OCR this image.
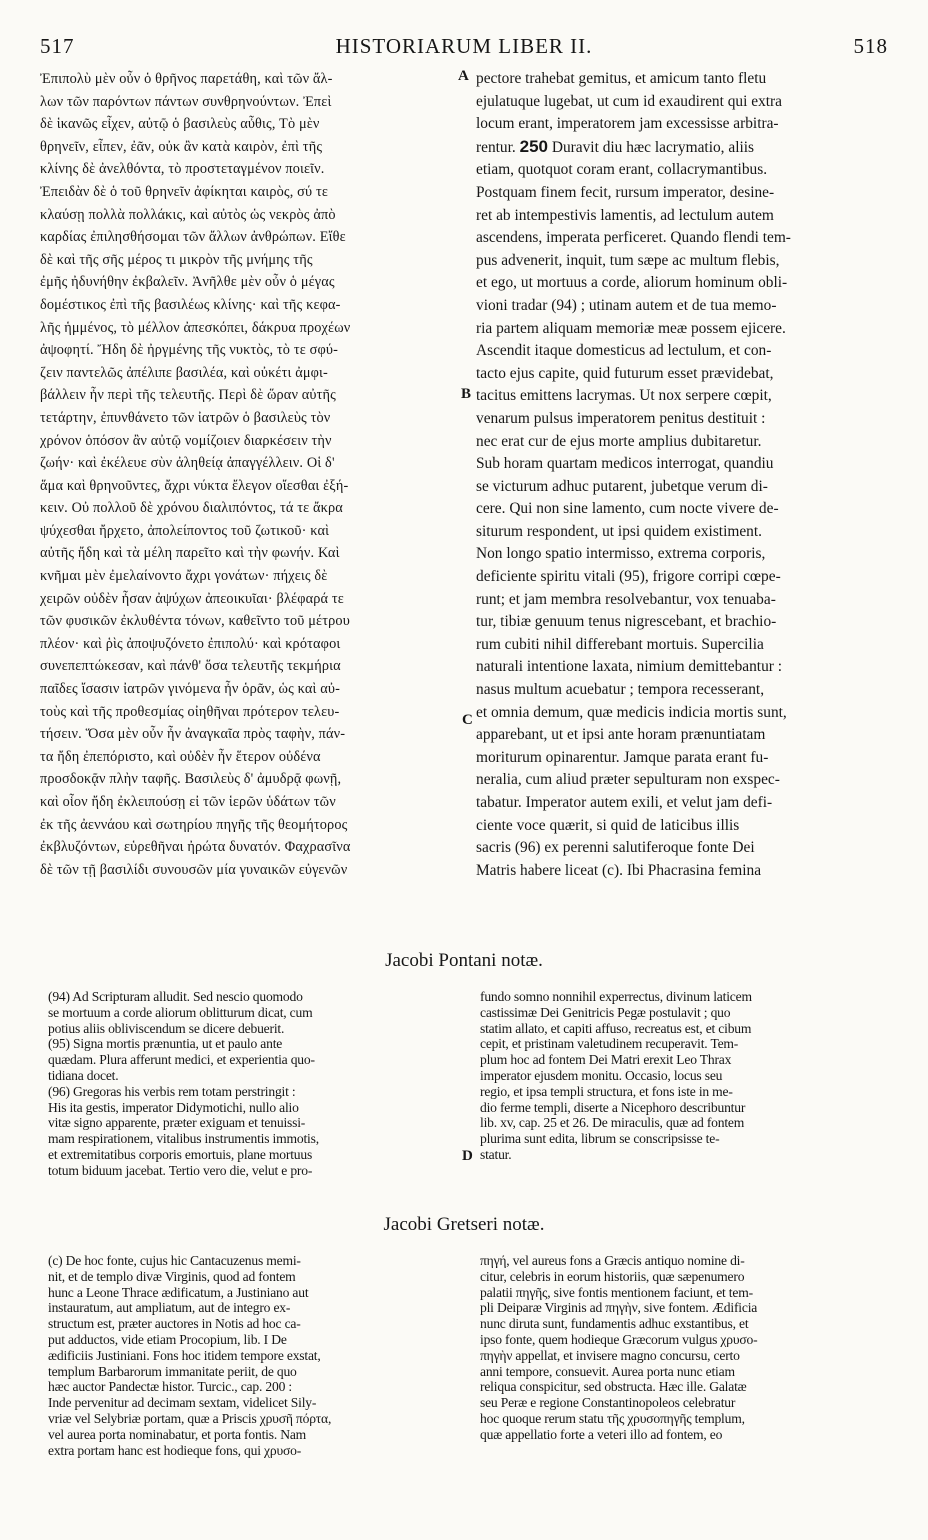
517	HISTORIARUM LIBER II.	518

Ἐπιπολὺ μὲν οὖν ὁ θρῆνος παρετάθη, καὶ τῶν ἄλ-

λων τῶν παρόντων πάντων συνθρηνούντων. Ἐπεὶ

δὲ ἱκανῶς εἶχεν, αὐτῷ ὁ βασιλεὺς αὖθις, Τὸ μὲν

θρηνεῖν, εἶπεν, ἐᾶν, οὐκ ἂν κατὰ καιρὸν, ἐπὶ τῆς

κλίνης δὲ ἀνελθόντα, τὸ προστεταγμένον ποιεῖν.

Ἐπειδὰν δὲ ὁ τοῦ θρηνεῖν ἀφίκηται καιρὸς, σύ τε

κλαύσῃ πολλὰ πολλάκις, καὶ αὐτὸς ὡς νεκρὸς ἀπὸ

καρδίας ἐπιλησθήσομαι τῶν ἄλλων ἀνθρώπων. Εἴθε

δὲ καὶ τῆς σῆς μέρος τι μικρὸν τῆς μνήμης τῆς

ἐμῆς ἠδυνήθην ἐκβαλεῖν. Ἀνῆλθε μὲν οὖν ὁ μέγας

δομέστικος ἐπὶ τῆς βασιλέως κλίνης· καὶ τῆς κεφα-

λῆς ἡμμένος, τὸ μέλλον ἀπεσκόπει, δάκρυα προχέων

ἀψοφητί. Ἤδη δὲ ἠργμένης τῆς νυκτὸς, τὸ τε σφύ-

ζειν παντελῶς ἀπέλιπε βασιλέα, καὶ οὐκέτι ἀμφι-

βάλλειν ἦν περὶ τῆς τελευτῆς. Περὶ δὲ ὥραν αὐτῆς

τετάρτην, ἐπυνθάνετο τῶν ἰατρῶν ὁ βασιλεὺς τὸν

χρόνον ὁπόσον ἂν αὐτῷ νομίζοιεν διαρκέσειν τὴν

ζωήν· καὶ ἐκέλευε σὺν ἀληθείᾳ ἀπαγγέλλειν. Οἱ δ'

ἅμα καὶ θρηνοῦντες, ἄχρι νύκτα ἔλεγον οἴεσθαι ἐξή-

κειν. Οὐ πολλοῦ δὲ χρόνου διαλιπόντος, τά τε ἄκρα

ψύχεσθαι ἤρχετο, ἀπολείποντος τοῦ ζωτικοῦ· καὶ

αὐτῆς ἤδη καὶ τὰ μέλη παρεῖτο καὶ τὴν φωνήν. Καὶ

κνῆμαι μὲν ἐμελαίνοντο ἄχρι γονάτων· πήχεις δὲ

χειρῶν οὐδὲν ἦσαν ἀψύχων ἀπεοικυῖαι· βλέφαρά τε

τῶν φυσικῶν ἐκλυθέντα τόνων, καθεῖντο τοῦ μέτρου

πλέον· καὶ ῥὶς ἀποψυζόνετο ἐπιπολύ· καὶ κρόταφοι

συνεπεπτώκεσαν, καὶ πάνθ' ὅσα τελευτῆς τεκμήρια

παῖδες ἴσασιν ἰατρῶν γινόμενα ἦν ὁρᾶν, ὡς καὶ αὐ-

τοὺς καὶ τῆς προθεσμίας οἰηθῆναι πρότερον τελευ-

τήσειν. Ὅσα μὲν οὖν ἦν ἀναγκαῖα πρὸς ταφὴν, πάν-

τα ἤδη ἐπεπόριστο, καὶ οὐδὲν ἦν ἕτερον οὐδένα

προσδοκᾷν πλὴν ταφῆς. Βασιλεὺς δ' ἀμυδρᾷ φωνῇ,

καὶ οἷον ἤδη ἐκλειπούσῃ εἰ τῶν ἱερῶν ὑδάτων τῶν

ἐκ τῆς ἀεννάου καὶ σωτηρίου πηγῆς τῆς θεομήτορος

ἐκβλυζόντων, εὑρεθῆναι ἠρώτα δυνατόν. Φαχρασῖνα

δὲ τῶν τῇ βασιλίδι συνουσῶν μία γυναικῶν εὐγενῶν

pectore trahebat gemitus, et amicum tanto fletu

ejulatuque lugebat, ut cum id exaudirent qui extra

locum erant, imperatorem jam excessisse arbitra-

rentur. 250 Duravit diu hæc lacrymatio, aliis

etiam, quotquot coram erant, collacrymantibus.

Postquam finem fecit, rursum imperator, desine-

ret ab intempestivis lamentis, ad lectulum autem

ascendens, imperata perficeret. Quando flendi tem-

pus advenerit, inquit, tum sæpe ac multum flebis,

et ego, ut mortuus a corde, aliorum hominum obli-

vioni tradar (94) ; utinam autem et de tua memo-

ria partem aliquam memoriæ meæ possem ejicere.

Ascendit itaque domesticus ad lectulum, et con-

tacto ejus capite, quid futurum esset prævidebat,

tacitus emittens lacrymas. Ut nox serpere cœpit,

venarum pulsus imperatorem penitus destituit :

nec erat cur de ejus morte amplius dubitaretur.

Sub horam quartam medicos interrogat, quandiu

se victurum adhuc putarent, jubetque verum di-

cere. Qui non sine lamento, cum nocte vivere de-

siturum respondent, ut ipsi quidem existiment.

Non longo spatio intermisso, extrema corporis,

deficiente spiritu vitali (95), frigore corripi cœpe-

runt; et jam membra resolvebantur, vox tenuaba-

tur, tibiæ genuum tenus nigrescebant, et brachio-

rum cubiti nihil differebant mortuis. Supercilia

naturali intentione laxata, nimium demittebantur :

nasus multum acuebatur ; tempora recesserant,

et omnia demum, quæ medicis indicia mortis sunt,

apparebant, ut et ipsi ante horam prænuntiatam

moriturum opinarentur. Jamque parata erant fu-

neralia, cum aliud præter sepulturam non exspec-

tabatur. Imperator autem exili, et velut jam defi-

ciente voce quærit, si quid de laticibus illis

sacris (96) ex perenni salutiferoque fonte Dei

Matris habere liceat (c). Ibi Phacrasina femina

A
B
C
D
Jacobi Pontani notæ.

(94) Ad Scripturam alludit. Sed nescio quomodo

se mortuum a corde aliorum oblitturum dicat, cum

potius aliis obliviscendum se dicere debuerit.

(95) Signa mortis prænuntia, ut et paulo ante

quædam. Plura afferunt medici, et experientia quo-

tidiana docet.

(96) Gregoras his verbis rem totam perstringit :

His ita gestis, imperator Didymotichi, nullo alio

vitæ signo apparente, præter exiguam et tenuissi-

mam respirationem, vitalibus instrumentis immotis,

et extremitatibus corporis emortuis, plane mortuus

totum biduum jacebat. Tertio vero die, velut e pro-

fundo somno nonnihil experrectus, divinum laticem

castissimæ Dei Genitricis Pegæ postulavit ; quo

statim allato, et capiti affuso, recreatus est, et cibum

cepit, et pristinam valetudinem recuperavit. Tem-

plum hoc ad fontem Dei Matri erexit Leo Thrax

imperator ejusdem monitu. Occasio, locus seu

regio, et ipsa templi structura, et fons iste in me-

dio ferme templi, diserte a Nicephoro describuntur

lib. xv, cap. 25 et 26. De miraculis, quæ ad fontem

plurima sunt edita, librum se conscripsisse te-

statur.

Jacobi Gretseri notæ.

(c) De hoc fonte, cujus hic Cantacuzenus memi-

nit, et de templo divæ Virginis, quod ad fontem

hunc a Leone Thrace ædificatum, a Justiniano aut

instauratum, aut ampliatum, aut de integro ex-

structum est, præter auctores in Notis ad hoc ca-

put adductos, vide etiam Procopium, lib. I De

ædificiis Justiniani. Fons hoc itidem tempore exstat,

templum Barbarorum immanitate periit, de quo

hæc auctor Pandectæ histor. Turcic., cap. 200 :

Inde pervenitur ad decimam sextam, videlicet Sily-

vriæ vel Selybriæ portam, quæ a Priscis χρυσῆ πόρτα,

vel aurea porta nominabatur, et porta fontis. Nam

extra portam hanc est hodieque fons, qui χρυσο-

πηγή, vel aureus fons a Græcis antiquo nomine di-

citur, celebris in eorum historiis, quæ sæpenumero

palatii πηγῆς, sive fontis mentionem faciunt, et tem-

pli Deiparæ Virginis ad πηγὴν, sive fontem. Ædificia

nunc diruta sunt, fundamentis adhuc exstantibus, et

ipso fonte, quem hodieque Græcorum vulgus χρυσο-

πηγὴν appellat, et invisere magno concursu, certo

anni tempore, consuevit. Aurea porta nunc etiam

reliqua conspicitur, sed obstructa. Hæc ille. Galatæ

seu Peræ e regione Constantinopoleos celebratur

hoc quoque rerum statu τῆς χρυσοπηγῆς templum,

quæ appellatio forte a veteri illo ad fontem, eo
